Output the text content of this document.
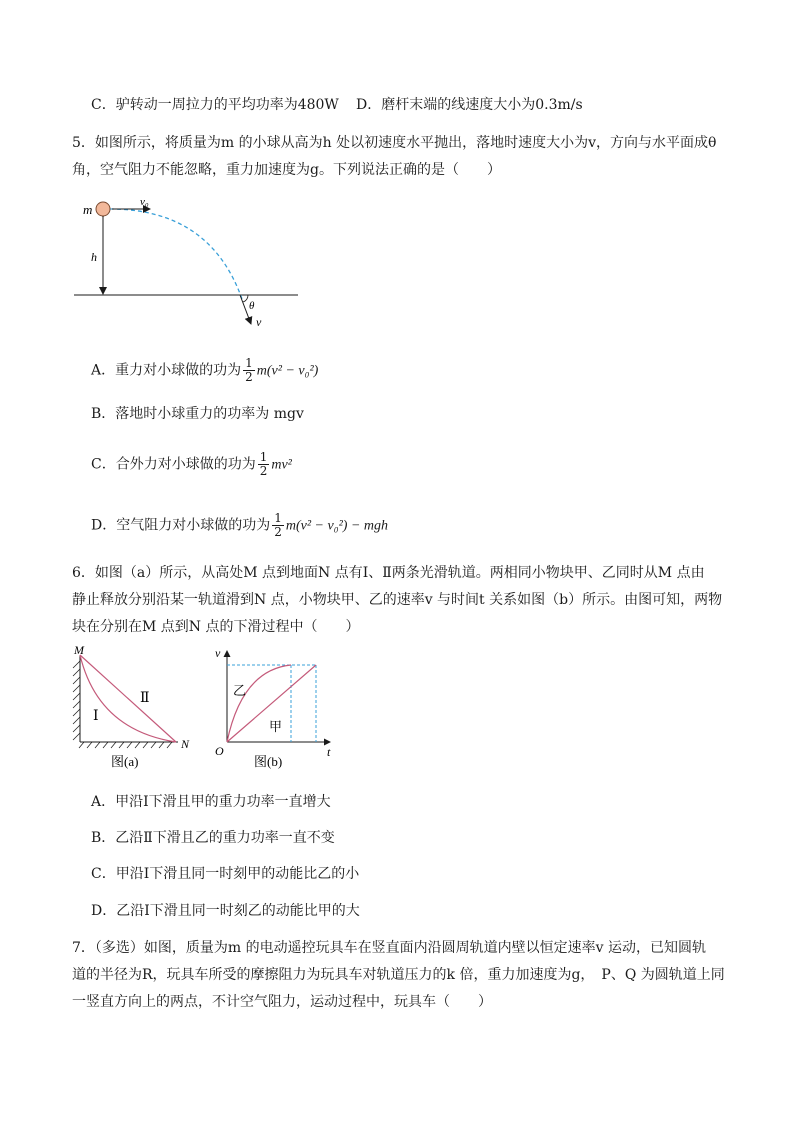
C．驴转动一周拉力的平均功率为480W D．磨杆末端的线速度大小为0.3m/s
5．如图所示，将质量为m 的小球从高为h 处以初速度水平抛出，落地时速度大小为v，方向与水平面成θ
角，空气阻力不能忽略，重力加速度为g。下列说法正确的是（　　）
m	v₀
h
θ
v
A．重力对小球做的功为 $\frac{1}{2} m(v^2 - v_0^2)$
B．落地时小球重力的功率为 mgv
C．合外力对小球做的功为 $\frac{1}{2} mv^2$
D．空气阻力对小球做的功为 $\frac{1}{2} m(v^2 - v_0^2)$ − mgh
6．如图（a）所示，从高处M 点到地面N 点有Ⅰ、Ⅱ两条光滑轨道。两相同小物块甲、乙同时从M 点由
静止释放分别沿某一轨道滑到N 点，小物块甲、乙的速率v 与时间t 关系如图（b）所示。由图可知，两物
块在分别在M 点到N 点的下滑过程中（　　）
M
N
Ⅰ
Ⅱ
图(a)
v
t
O
乙
甲
图(b)
A．甲沿Ⅰ下滑且甲的重力功率一直增大
B．乙沿Ⅱ下滑且乙的重力功率一直不变
C．甲沿Ⅰ下滑且同一时刻甲的动能比乙的小
D．乙沿Ⅰ下滑且同一时刻乙的动能比甲的大
7．（多选）如图，质量为m 的电动遥控玩具车在竖直面内沿圆周轨道内壁以恒定速率v 运动，已知圆轨
道的半径为R，玩具车所受的摩擦阻力为玩具车对轨道压力的k 倍，重力加速度为g，　P、Q 为圆轨道上同
一竖直方向上的两点，不计空气阻力，运动过程中，玩具车（　　）
